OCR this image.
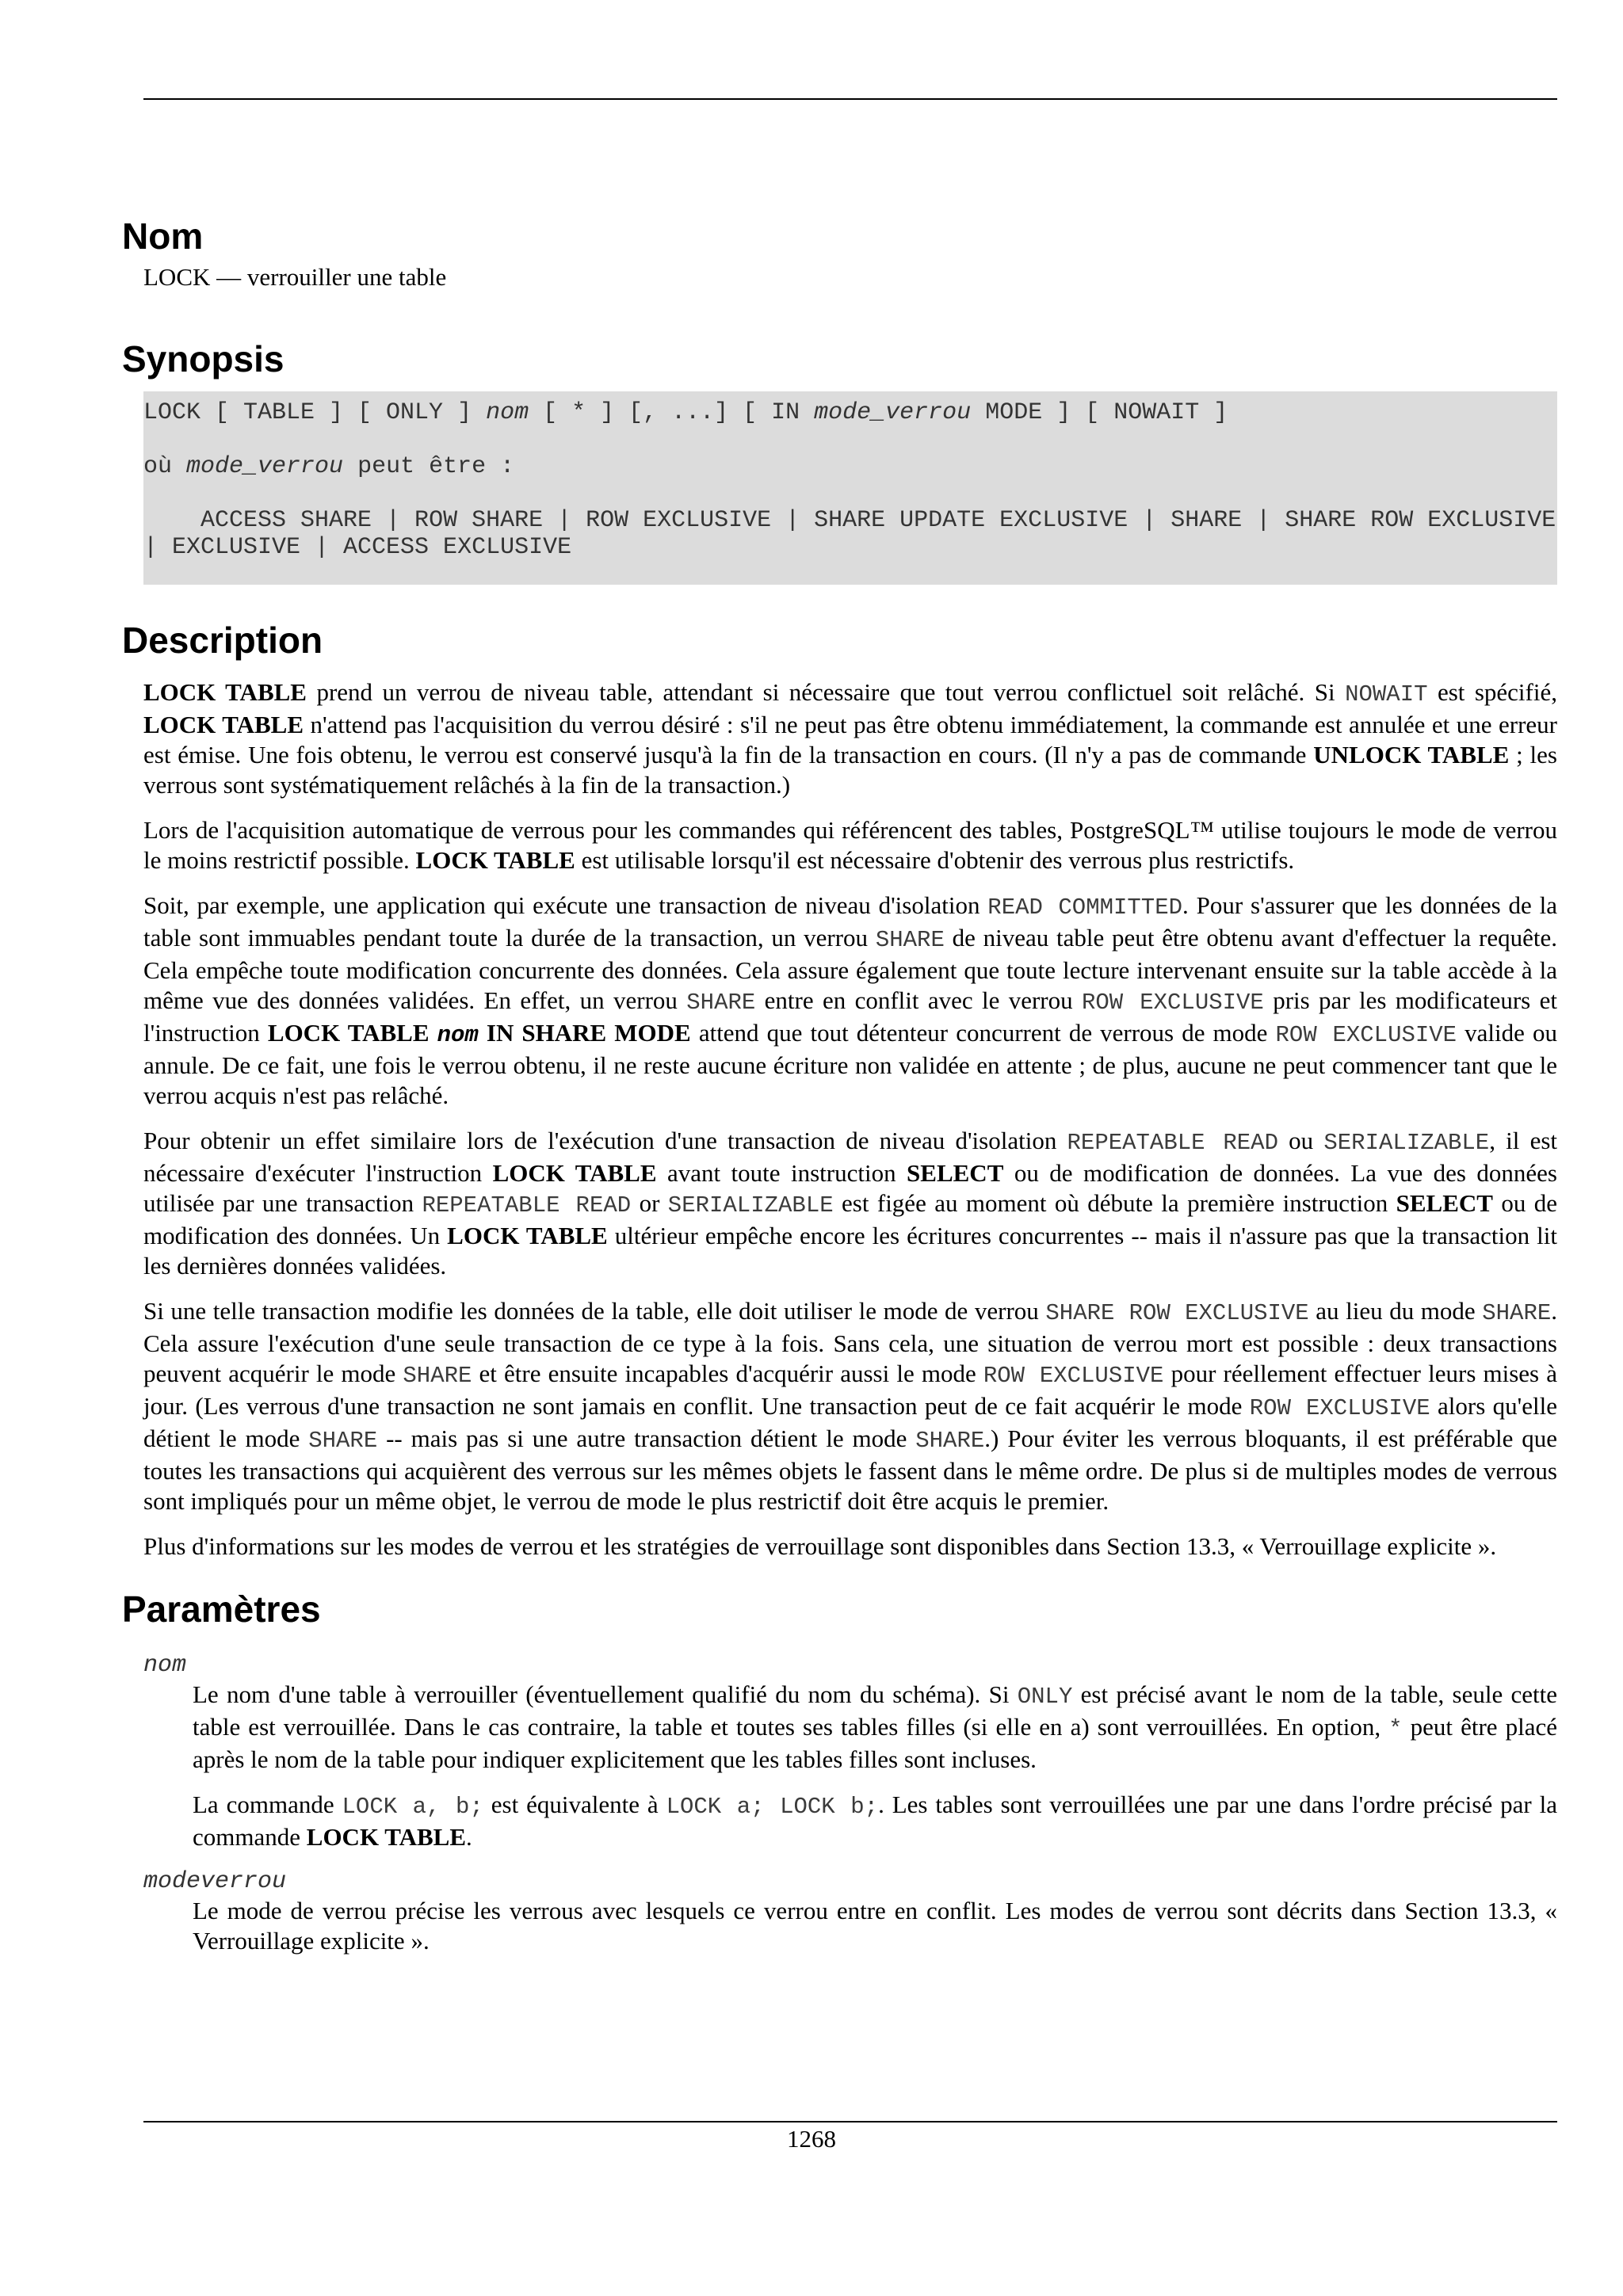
Nom
LOCK — verrouiller une table
Synopsis
LOCK [ TABLE ] [ ONLY ] nom [ * ] [, ...] [ IN mode_verrou MODE ] [ NOWAIT ]
où mode_verrou peut être :
ACCESS SHARE | ROW SHARE | ROW EXCLUSIVE | SHARE UPDATE EXCLUSIVE | SHARE | SHARE ROW EXCLUSIVE | EXCLUSIVE | ACCESS EXCLUSIVE
Description

LOCK TABLE prend un verrou de niveau table, attendant si nécessaire que tout verrou conflictuel soit relâché. Si NOWAIT est spécifié, LOCK TABLE n'attend pas l'acquisition du verrou désiré : s'il ne peut pas être obtenu immédiatement, la commande est annulée et une erreur est émise. Une fois obtenu, le verrou est conservé jusqu'à la fin de la transaction en cours. (Il n'y a pas de commande UNLOCK TABLE ; les verrous sont systématiquement relâchés à la fin de la transaction.)

Lors de l'acquisition automatique de verrous pour les commandes qui référencent des tables, PostgreSQL™ utilise toujours le mode de verrou le moins restrictif possible. LOCK TABLE est utilisable lorsqu'il est nécessaire d'obtenir des verrous plus restrictifs.

Soit, par exemple, une application qui exécute une transaction de niveau d'isolation READ COMMITTED. Pour s'assurer que les données de la table sont immuables pendant toute la durée de la transaction, un verrou SHARE de niveau table peut être obtenu avant d'effectuer la requête. Cela empêche toute modification concurrente des données. Cela assure également que toute lecture intervenant ensuite sur la table accède à la même vue des données validées. En effet, un verrou SHARE entre en conflit avec le verrou ROW EXCLUSIVE pris par les modificateurs et l'instruction LOCK TABLE nom IN SHARE MODE attend que tout détenteur concurrent de verrous de mode ROW EXCLUSIVE valide ou annule. De ce fait, une fois le verrou obtenu, il ne reste aucune écriture non validée en attente ; de plus, aucune ne peut commencer tant que le verrou acquis n'est pas relâché.

Pour obtenir un effet similaire lors de l'exécution d'une transaction de niveau d'isolation REPEATABLE READ ou SERIALIZABLE, il est nécessaire d'exécuter l'instruction LOCK TABLE avant toute instruction SELECT ou de modification de données. La vue des données utilisée par une transaction REPEATABLE READ or SERIALIZABLE est figée au moment où débute la première instruction SELECT ou de modification des données. Un LOCK TABLE ultérieur empêche encore les écritures concurrentes -- mais il n'assure pas que la transaction lit les dernières données validées.

Si une telle transaction modifie les données de la table, elle doit utiliser le mode de verrou SHARE ROW EXCLUSIVE au lieu du mode SHARE. Cela assure l'exécution d'une seule transaction de ce type à la fois. Sans cela, une situation de verrou mort est possible : deux transactions peuvent acquérir le mode SHARE et être ensuite incapables d'acquérir aussi le mode ROW EXCLUSIVE pour réellement effectuer leurs mises à jour. (Les verrous d'une transaction ne sont jamais en conflit. Une transaction peut de ce fait acquérir le mode ROW EXCLUSIVE alors qu'elle détient le mode SHARE -- mais pas si une autre transaction détient le mode SHARE.) Pour éviter les verrous bloquants, il est préférable que toutes les transactions qui acquièrent des verrous sur les mêmes objets le fassent dans le même ordre. De plus si de multiples modes de verrous sont impliqués pour un même objet, le verrou de mode le plus restrictif doit être acquis le premier.

Plus d'informations sur les modes de verrou et les stratégies de verrouillage sont disponibles dans Section 13.3, « Verrouillage explicite ».

Paramètres
nom

Le nom d'une table à verrouiller (éventuellement qualifié du nom du schéma). Si ONLY est précisé avant le nom de la table, seule cette table est verrouillée. Dans le cas contraire, la table et toutes ses tables filles (si elle en a) sont verrouillées. En option, * peut être placé après le nom de la table pour indiquer explicitement que les tables filles sont incluses.

La commande LOCK a, b; est équivalente à LOCK a; LOCK b;. Les tables sont verrouillées une par une dans l'ordre précisé par la commande LOCK TABLE.

modeverrou

Le mode de verrou précise les verrous avec lesquels ce verrou entre en conflit. Les modes de verrou sont décrits dans Section 13.3, « Verrouillage explicite ».

1268
